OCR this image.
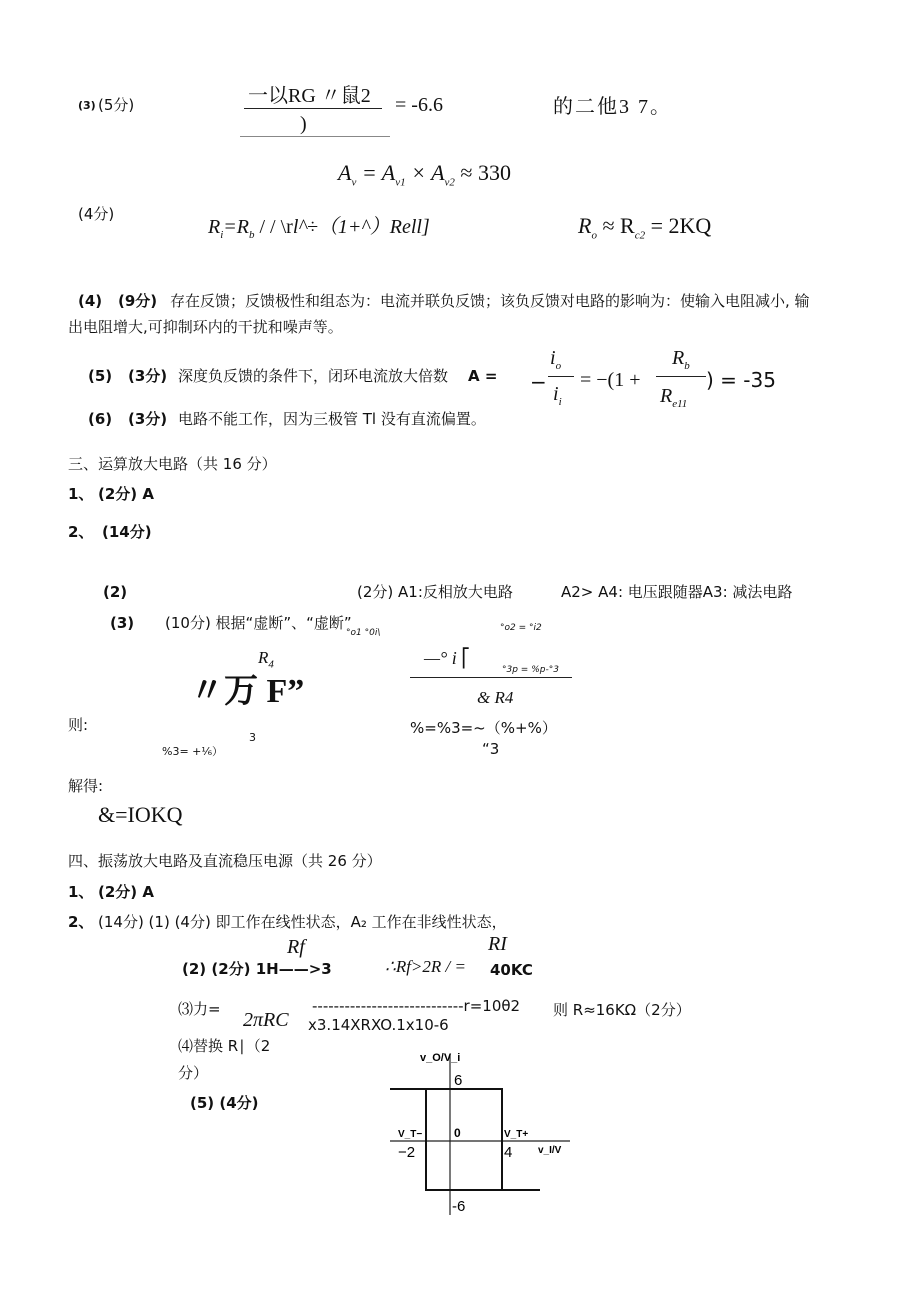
(3) (5分)	一以RG 〃鼠2
)
= -6.6	的二他3 7。
$A_v = A_{v1} \times A_{v2} \approx 330$
(4分)
$R_i=R_b$ / / \rl^÷（1+^）Rell]	$R_o \approx R_{c2} = 2KQ$
(4) (9分) 存在反馈；反馈极性和组态为：电流并联负反馈；该负反馈对电路的影响为：使输入电阻减小, 输
出电阻增大,可抑制环内的干扰和噪声等。
(5) (3分) 深度负反馈的条件下，闭环电流放大倍数 A = −
$i_o$
$i_i$
= −(1 +
$R_b$
$R_{e11}$
) = -35
(6) (3分) 电路不能工作，因为三极管 Tl 没有直流偏置。
三、运算放大电路（共 16 分）
1、 (2分) A
2、 (14分)
(2)	(2分) A1:反相放大电路	A2> A4: 电压跟随器A3: 减法电路
(3) (10分) 根据“虚断”、“虚断”
°o1 °0i\	°o2 = °i2
$R_4$
〃万 F”
—° i ⎡
°3p = %p-°3
& R4
则:
3
%3= +¹⁄₆）
%=%3=~（%+%）
“3
解得:
&=IOKQ
四、振荡放大电路及直流稳压电源（共 26 分）
1、 (2分) A
2、 (14分) (1) (4分) 即工作在线性状态，A₂ 工作在非线性状态，
Rf	RI
(2) (2分) 1H——>3	∴Rf>2R / = 40KC
⑶力= 2πRC
----------------------------r=10θ2
x3.14XRXO.1x10-6
则 R≈16KΩ（2分）
⑷替换 R∣（2
分）
(5) (4分)
v_O/V_i
6
-6
0
V_T−	V_T+
−2	4	v_I/V
